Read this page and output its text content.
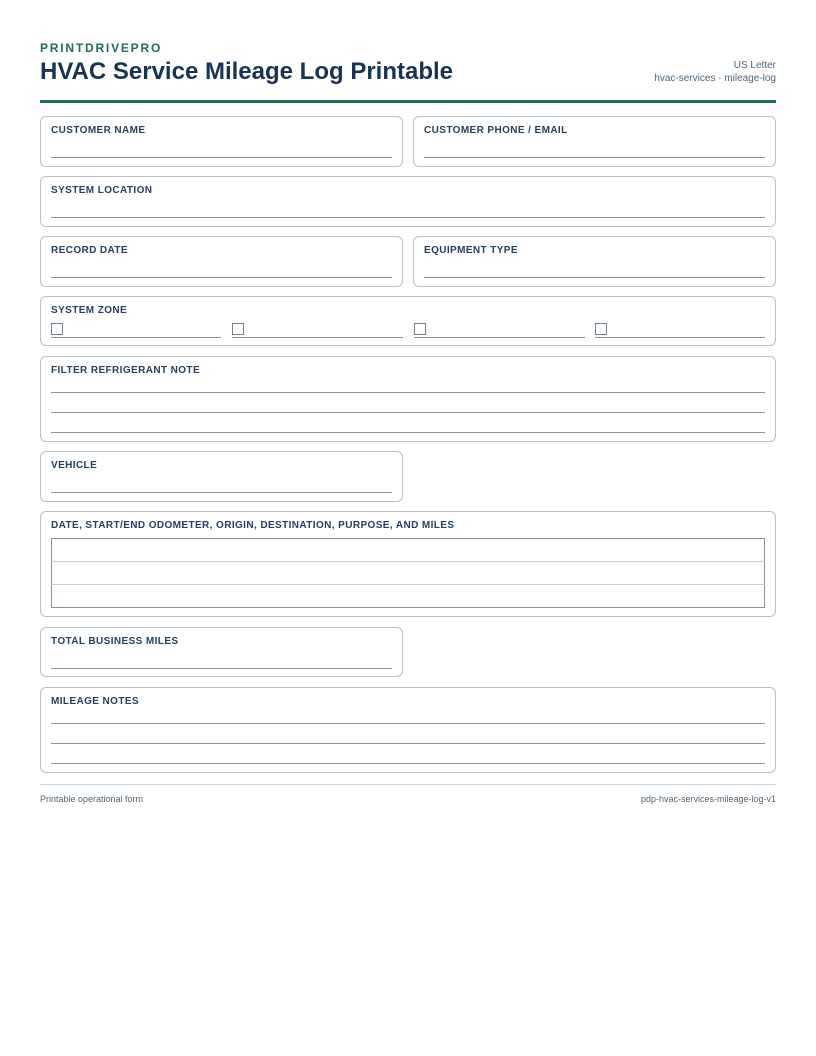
PRINTDRIVEPRO
HVAC Service Mileage Log Printable	US Letter
hvac-services · mileage-log
CUSTOMER NAME	CUSTOMER PHONE / EMAIL
SYSTEM LOCATION
RECORD DATE	EQUIPMENT TYPE
SYSTEM ZONE
FILTER REFRIGERANT NOTE
VEHICLE
DATE, START/END ODOMETER, ORIGIN, DESTINATION, PURPOSE, AND MILES

TOTAL BUSINESS MILES
MILEAGE NOTES
Printable operational form	pdp-hvac-services-mileage-log-v1
